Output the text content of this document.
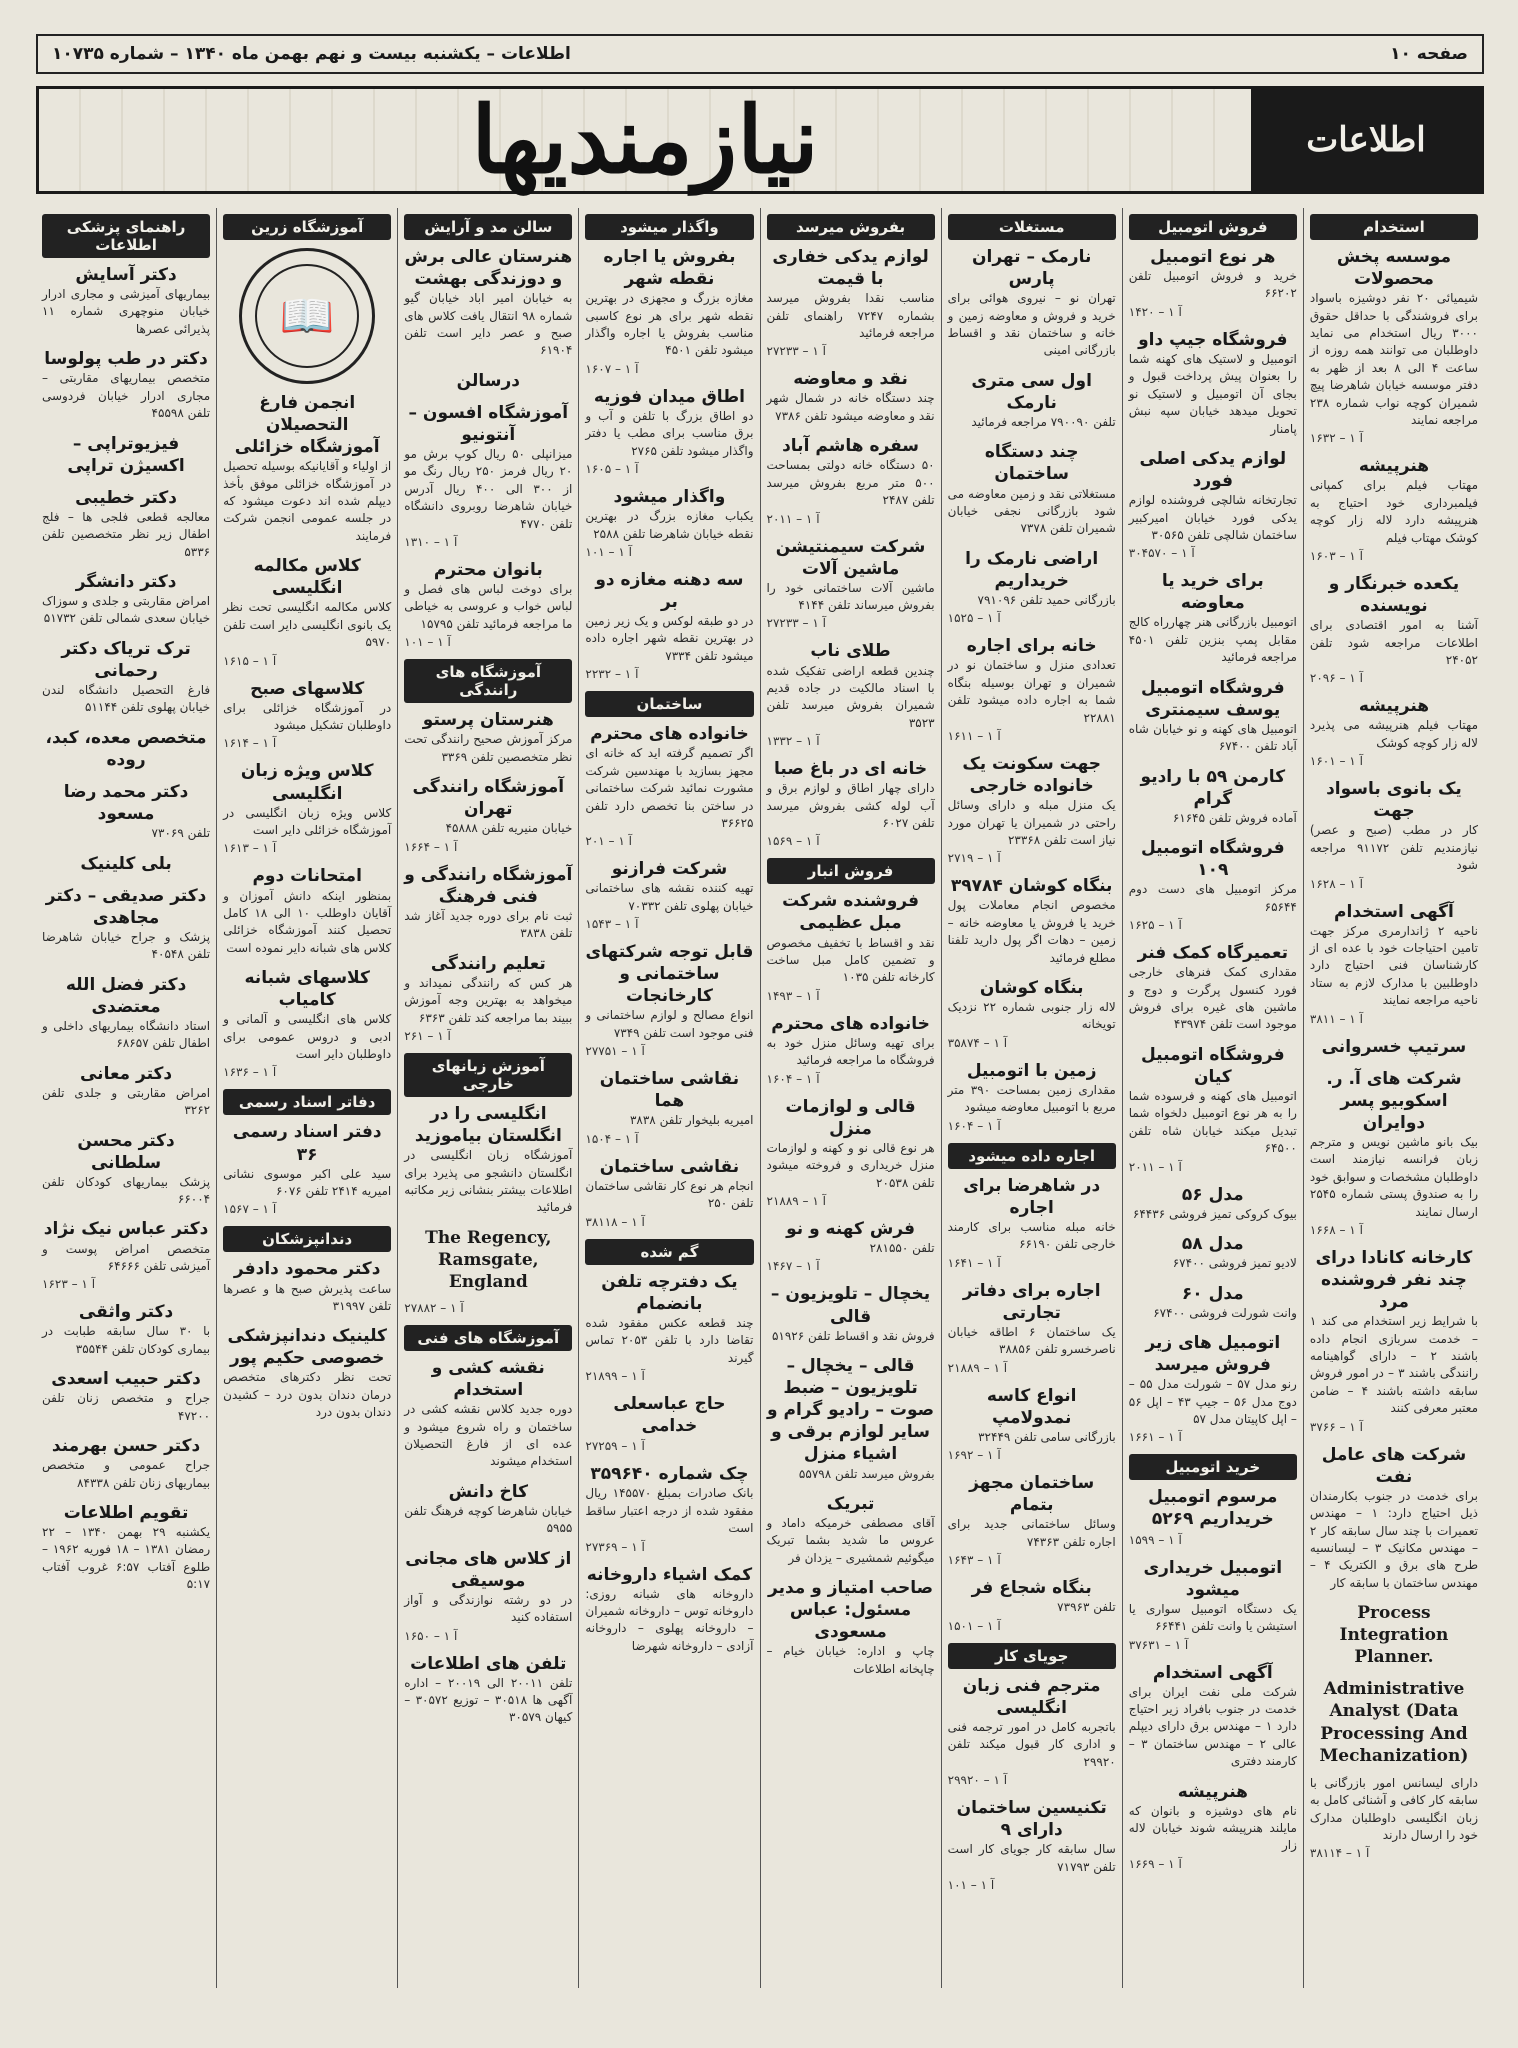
صفحه ۱۰
اطلاعات – یکشنبه بیست و نهم بهمن ماه ۱۳۴۰ – شماره ۱۰۷۳۵
اطلاعات
نیازمندیها
استخدام
موسسه پخش محصولات
شیمیائی ۲۰ نفر دوشیزه باسواد برای فروشندگی با حداقل حقوق ۳۰۰۰ ریال استخدام می نماید داوطلبان می توانند همه روزه از ساعت ۴ الی ۸ بعد از ظهر به دفتر موسسه خیابان شاهرضا پیچ شمیران کوچه نواب شماره ۲۳۸ مراجعه نمایند
۱۶۳۲ – آ ۱
هنرپیشه
مهتاب فیلم برای کمپانی فیلمبرداری خود احتیاج به هنرپیشه دارد لاله زار کوچه کوشک مهتاب فیلم
۱۶۰۳ – آ ۱
یکعده خبرنگار و نویسنده
آشنا به امور اقتصادی برای اطلاعات مراجعه شود تلفن ۲۴۰۵۲
۲۰۹۶ – آ ۱
هنرپیشه
مهتاب فیلم هنرپیشه می پذیرد لاله زار کوچه کوشک
۱۶۰۱ – آ ۱
یک بانوی باسواد جهت
کار در مطب (صبح و عصر) نیازمندیم تلفن ۹۱۱۷۲ مراجعه شود
۱۶۲۸ – آ ۱
آگهی استخدام
ناحیه ۲ ژاندارمری مرکز جهت تامین احتیاجات خود با عده ای از کارشناسان فنی احتیاج دارد داوطلبین با مدارک لازم به ستاد ناحیه مراجعه نمایند
۳۸۱۱ – آ ۱
سرتیپ خسروانی
شرکت های آ. ر. اسکوبیو پسر دوایران
بیک بانو ماشین نویس و مترجم زبان فرانسه نیازمند است داوطلبان مشخصات و سوابق خود را به صندوق پستی شماره ۲۵۴۵ ارسال نمایند
۱۶۶۸ – آ ۱
کارخانه کانادا درای چند نفر فروشنده مرد
با شرایط زیر استخدام می کند ۱ – خدمت سربازی انجام داده باشند ۲ – دارای گواهینامه رانندگی باشند ۳ – در امور فروش سابقه داشته باشند ۴ – ضامن معتبر معرفی کنند
۳۷۶۶ – آ ۱
شرکت های عامل نفت
برای خدمت در جنوب بکارمندان ذیل احتیاج دارد: ۱ – مهندس تعمیرات با چند سال سابقه کار ۲ – مهندس مکانیک ۳ – لیسانسیه طرح های برق و الکتریک ۴ – مهندس ساختمان با سابقه کار
Process Integration Planner.
Administrative Analyst (Data Processing And Mechanization)
دارای لیسانس امور بازرگانی با سابقه کار کافی و آشنائی کامل به زبان انگلیسی داوطلبان مدارک خود را ارسال دارند
۳۸۱۱۴ – آ ۱
فروش اتومبیل
هر نوع اتومبیل
خرید و فروش اتومبیل تلفن ۶۶۲۰۲
۱۴۲۰ – آ ۱
فروشگاه جیپ داو
اتومبیل و لاستیک های کهنه شما را بعنوان پیش پرداخت قبول و بجای آن اتومبیل و لاستیک نو تحویل میدهد خیابان سپه نبش پامنار
لوازم یدکی اصلی فورد
تجارتخانه شالچی فروشنده لوازم یدکی فورد خیابان امیرکبیر ساختمان شالچی تلفن ۳۰۵۶۵
۳۰۴۵۷۰ – آ ۱
برای خرید یا معاوضه
اتومبیل بازرگانی هنر چهارراه کالج مقابل پمپ بنزین تلفن ۴۵۰۱ مراجعه فرمائید
فروشگاه اتومبیل یوسف سیمنتری
اتومبیل های کهنه و نو خیابان شاه آباد تلفن ۶۷۴۰۰
کارمن ۵۹ با رادیو گرام
آماده فروش تلفن ۶۱۶۴۵
فروشگاه اتومبیل ۱۰۹
مرکز اتومبیل های دست دوم ۶۵۶۴۴
۱۶۲۵ – آ ۱
تعمیرگاه کمک فنر
مقداری کمک فنرهای خارجی فورد کنسول پرگرت و دوج و ماشین های غیره برای فروش موجود است تلفن ۴۳۹۷۴
فروشگاه اتومبیل کیان
اتومبیل های کهنه و فرسوده شما را به هر نوع اتومبیل دلخواه شما تبدیل میکند خیابان شاه تلفن ۶۴۵۰۰
۲۰۱۱ – آ ۱
مدل ۵۶
بیوک کروکی تمیز فروشی ۶۴۴۳۶
مدل ۵۸
لادیو تمیز فروشی ۶۷۴۰۰
مدل ۶۰
وانت شورلت فروشی ۶۷۴۰۰
اتومبیل های زیر فروش میرسد
رنو مدل ۵۷ – شورلت مدل ۵۵ – دوج مدل ۵۶ – جیپ ۴۳ – اپل ۵۶ – اپل کاپیتان مدل ۵۷
۱۶۶۱ – آ ۱
خرید اتومبیل
مرسوم اتومبیل خریداریم ۵۲۶۹
۱۵۹۹ – آ ۱
اتومبیل خریداری میشود
یک دستگاه اتومبیل سواری یا استیشن یا وانت تلفن ۶۶۴۴۱
۳۷۶۳۱ – آ ۱
آگهی استخدام
شرکت ملی نفت ایران برای خدمت در جنوب بافراد زیر احتیاج دارد ۱ – مهندس برق دارای دیپلم عالی ۲ – مهندس ساختمان ۳ – کارمند دفتری
هنرپیشه
نام های دوشیزه و بانوان که مایلند هنرپیشه شوند خیابان لاله زار
۱۶۶۹ – آ ۱
مستغلات
نارمک – تهران پارس
تهران نو – نیروی هوائی برای خرید و فروش و معاوضه زمین و خانه و ساختمان نقد و اقساط بازرگانی امینی
اول سی متری نارمک
تلفن ۷۹۰۰۹۰ مراجعه فرمائید
چند دستگاه ساختمان
مستغلاتی نقد و زمین معاوضه می شود بازرگانی نجفی خیابان شمیران تلفن ۷۳۷۸
اراضی نارمک را خریداریم
بازرگانی حمید تلفن ۷۹۱۰۹۶
۱۵۲۵ – آ ۱
خانه برای اجاره
تعدادی منزل و ساختمان نو در شمیران و تهران بوسیله بنگاه شما به اجاره داده میشود تلفن ۲۲۸۸۱
۱۶۱۱ – آ ۱
جهت سکونت یک خانواده خارجی
یک منزل مبله و دارای وسائل راحتی در شمیران یا تهران مورد نیاز است تلفن ۲۳۳۶۸
۲۷۱۹ – آ ۱
بنگاه کوشان ۳۹۷۸۴
مخصوص انجام معاملات پول خرید یا فروش یا معاوضه خانه – زمین – دهات اگر پول دارید تلفنا مطلع فرمائید
بنگاه کوشان
لاله زار جنوبی شماره ۲۲ نزدیک تویخانه
۳۵۸۷۴ – آ ۱
زمین با اتومبیل
مقداری زمین بمساحت ۳۹۰ متر مربع با اتومبیل معاوضه میشود
۱۶۰۴ – آ ۱
اجاره داده میشود
در شاهرضا برای اجاره
خانه مبله مناسب برای کارمند خارجی تلفن ۶۶۱۹۰
۱۶۴۱ – آ ۱
اجاره برای دفاتر تجارتی
یک ساختمان ۶ اطاقه خیابان ناصرخسرو تلفن ۳۸۸۵۶
۲۱۸۸۹ – آ ۱
انواع کاسه نمدولامپ
بازرگانی سامی تلفن ۳۲۴۴۹
۱۶۹۲ – آ ۱
ساختمان مجهز بتمام
وسائل ساختمانی جدید برای اجاره تلفن ۷۴۳۶۳
۱۶۴۳ – آ ۱
بنگاه شجاع فر
تلفن ۷۳۹۶۳
۱۵۰۱ – آ ۱
جویای کار
مترجم فنی زبان انگلیسی
باتجربه کامل در امور ترجمه فنی و اداری کار قبول میکند تلفن ۲۹۹۲۰
۲۹۹۲۰ – آ ۱
تکنیسین ساختمان دارای ۹
سال سابقه کار جویای کار است تلفن ۷۱۷۹۳
۱۰۱ – آ ۱
بفروش میرسد
لوازم یدکی خفاری با قیمت
مناسب نقدا بفروش میرسد بشماره ۷۲۴۷ راهنمای تلفن مراجعه فرمائید
۲۷۲۳۳ – آ ۱
نقد و معاوضه
چند دستگاه خانه در شمال شهر نقد و معاوضه میشود تلفن ۷۳۸۶
سفره هاشم آباد
۵۰ دستگاه خانه دولتی بمساحت ۵۰۰ متر مربع بفروش میرسد تلفن ۲۴۸۷
۲۰۱۱ – آ ۱
شرکت سیمنتیشن ماشین آلات
ماشین آلات ساختمانی خود را بفروش میرساند تلفن ۴۱۴۴
۲۷۲۳۳ – آ ۱
طلای ناب
چندین قطعه اراضی تفکیک شده با اسناد مالکیت در جاده قدیم شمیران بفروش میرسد تلفن ۳۵۲۳
۱۳۳۲ – آ ۱
خانه ای در باغ صبا
دارای چهار اطاق و لوازم برق و آب لوله کشی بفروش میرسد تلفن ۶۰۲۷
۱۵۶۹ – آ ۱
فروش انبار
فروشنده شرکت مبل عظیمی
نقد و اقساط با تخفیف مخصوص و تضمین کامل مبل ساخت کارخانه تلفن ۱۰۳۵
۱۴۹۳ – آ ۱
خانواده های محترم
برای تهیه وسائل منزل خود به فروشگاه ما مراجعه فرمائید
۱۶۰۴ – آ ۱
قالی و لوازمات منزل
هر نوع قالی نو و کهنه و لوازمات منزل خریداری و فروخته میشود تلفن ۲۰۵۳۸
۲۱۸۸۹ – آ ۱
فرش کهنه و نو
تلفن ۲۸۱۵۵۰
۱۴۶۷ – آ ۱
یخچال – تلویزیون – قالی
فروش نقد و اقساط تلفن ۵۱۹۲۶
قالی – یخچال – تلویزیون – ضبط صوت – رادیو گرام و سایر لوازم برقی و اشیاء منزل
بفروش میرسد تلفن ۵۵۷۹۸
تبریک
آقای مصطفی خرمیکه داماد و عروس ما شدید بشما تبریک میگوئیم شمشیری – یزدان فر
صاحب امتیاز و مدیر مسئول: عباس مسعودی
چاپ و اداره: خیابان خیام – چاپخانه اطلاعات
واگذار میشود
بفروش یا اجاره نقطه شهر
مغازه بزرگ و مجهزی در بهترین نقطه شهر برای هر نوع کاسبی مناسب بفروش یا اجاره واگذار میشود تلفن ۴۵۰۱
۱۶۰۷ – آ ۱
اطاق میدان فوزیه
دو اطاق بزرگ با تلفن و آب و برق مناسب برای مطب یا دفتر واگذار میشود تلفن ۲۷۶۵
۱۶۰۵ – آ ۱
واگذار میشود
یکباب مغازه بزرگ در بهترین نقطه خیابان شاهرضا تلفن ۲۵۸۸
۱۰۱ – آ ۱
سه دهنه مغازه دو بر
در دو طبقه لوکس و یک زیر زمین در بهترین نقطه شهر اجاره داده میشود تلفن ۷۳۳۴
۲۲۳۲ – آ ۱
ساختمان
خانواده های محترم
اگر تصمیم گرفته اید که خانه ای مجهز بسازید با مهندسین شرکت مشورت نمائید شرکت ساختمانی در ساختن بنا تخصص دارد تلفن ۳۶۶۲۵
۲۰۱ – آ ۱
شرکت فرازنو
تهیه کننده نقشه های ساختمانی خیابان پهلوی تلفن ۷۰۳۳۲
۱۵۴۳ – آ ۱
قابل توجه شرکتهای ساختمانی و کارخانجات
انواع مصالح و لوازم ساختمانی و فنی موجود است تلفن ۷۳۴۹
۲۷۷۵۱ – آ ۱
نقاشی ساختمان هما
امیریه بلیخوار تلفن ۳۸۳۸
۱۵۰۴ – آ ۱
نقاشی ساختمان
انجام هر نوع کار نقاشی ساختمان تلفن ۲۵۰
۳۸۱۱۸ – آ ۱
گم شده
یک دفترچه تلفن بانضمام
چند قطعه عکس مفقود شده تقاضا دارد با تلفن ۲۰۵۳ تماس گیرند
۲۱۸۹۹ – آ ۱
حاج عباسعلی خدامی
۲۷۲۵۹ – آ ۱
چک شماره ۳۵۹۶۴۰
بانک صادرات بمبلغ ۱۴۵۵۷۰ ریال مفقود شده از درجه اعتبار ساقط است
۲۷۳۶۹ – آ ۱
کمک اشیاء داروخانه
داروخانه های شبانه روزی: داروخانه توس – داروخانه شمیران – داروخانه پهلوی – داروخانه آزادی – داروخانه شهرضا
سالن مد و آرایش
هنرستان عالی برش و دوزندگی بهشت
به خیابان امیر اباد خیابان گیو شماره ۹۸ انتقال یافت کلاس های صبح و عصر دایر است تلفن ۶۱۹۰۴
درسالن
آموزشگاه افسون – آنتونیو
میزانپلی ۵۰ ریال کوپ برش مو ۲۰ ریال فرمز ۲۵۰ ریال رنگ مو از ۳۰۰ الی ۴۰۰ ریال آدرس خیابان شاهرضا روبروی دانشگاه تلفن ۴۷۷۰
۱۳۱۰ – آ ۱
بانوان محترم
برای دوخت لباس های فصل و لباس خواب و عروسی به خیاطی ما مراجعه فرمائید تلفن ۱۵۷۹۵
۱۰۱ – آ ۱
آموزشگاه های رانندگی
هنرستان پرستو
مرکز آموزش صحیح رانندگی تحت نظر متخصصین تلفن ۳۳۶۹
آموزشگاه رانندگی تهران
خیابان منیریه تلفن ۴۵۸۸۸
۱۶۶۴ – آ ۱
آموزشگاه رانندگی و فنی فرهنگ
ثبت نام برای دوره جدید آغاز شد تلفن ۳۸۳۸
تعلیم رانندگی
هر کس که رانندگی نمیداند و میخواهد به بهترین وجه آموزش ببیند بما مراجعه کند تلفن ۶۳۶۳
۲۶۱ – آ ۱
آموزش زبانهای خارجی
انگلیسی را در انگلستان بیاموزید
آموزشگاه زبان انگلیسی در انگلستان دانشجو می پذیرد برای اطلاعات بیشتر بنشانی زیر مکاتبه فرمائید
The Regency, Ramsgate, England
۲۷۸۸۲ – آ ۱
آموزشگاه های فنی
نقشه کشی و استخدام
دوره جدید کلاس نقشه کشی در ساختمان و راه شروع میشود و عده ای از فارغ التحصیلان استخدام میشوند
کاخ دانش
خیابان شاهرضا کوچه فرهنگ تلفن ۵۹۵۵
از کلاس های مجانی موسیقی
در دو رشته نوازندگی و آواز استفاده کنید
۱۶۵۰ – آ ۱
تلفن های اطلاعات
تلفن ۲۰۰۱۱ الی ۲۰۰۱۹ – اداره آگهی ها ۳۰۵۱۸ – توزیع ۳۰۵۷۲ – کیهان ۳۰۵۷۹
آموزشگاه زرین
📖
انجمن فارغ التحصیلان آموزشگاه خزائلی
از اولیاء و آقایانیکه بوسیله تحصیل در آموزشگاه خزائلی موفق بأخذ دیپلم شده اند دعوت میشود که در جلسه عمومی انجمن شرکت فرمایند
کلاس مکالمه انگلیسی
کلاس مکالمه انگلیسی تحت نظر یک بانوی انگلیسی دایر است تلفن ۵۹۷۰
۱۶۱۵ – آ ۱
کلاسهای صبح
در آموزشگاه خزائلی برای داوطلبان تشکیل میشود
۱۶۱۴ – آ ۱
کلاس ویژه زبان انگلیسی
کلاس ویژه زبان انگلیسی در آموزشگاه خزائلی دایر است
۱۶۱۳ – آ ۱
امتحانات دوم
بمنظور اینکه دانش آموزان و آقایان داوطلب ۱۰ الی ۱۸ کامل تحصیل کنند آموزشگاه خزائلی کلاس های شبانه دایر نموده است
کلاسهای شبانه کامیاب
کلاس های انگلیسی و آلمانی و ادبی و دروس عمومی برای داوطلبان دایر است
۱۶۳۶ – آ ۱
دفاتر اسناد رسمی
دفتر اسناد رسمی ۳۶
سید علی اکبر موسوی نشانی امیریه ۲۴۱۴ تلفن ۶۰۷۶
۱۵۶۷ – آ ۱
دندانپزشکان
دکتر محمود دادفر
ساعت پذیرش صبح ها و عصرها تلفن ۳۱۹۹۷
کلینیک دندانپزشکی خصوصی حکیم پور
تحت نظر دکترهای متخصص درمان دندان بدون درد – کشیدن دندان بدون درد
راهنمای پزشکی اطلاعات
دکتر آسایش
بیماریهای آمیزشی و مجاری ادرار خیابان منوچهری شماره ۱۱ پذیرائی عصرها
دکتر در طب پولوسا
متخصص بیماریهای مقاربتی – مجاری ادرار خیابان فردوسی تلفن ۴۵۵۹۸
فیزیوتراپی – اکسیژن تراپی
دکتر خطیبی
معالجه قطعی فلجی ها – فلج اطفال زیر نظر متخصصین تلفن ۵۳۳۶
دکتر دانشگر
امراض مقاربتی و جلدی و سوزاک خیابان سعدی شمالی تلفن ۵۱۷۳۲
ترک تریاک دکتر رحمانی
فارغ التحصیل دانشگاه لندن خیابان پهلوی تلفن ۵۱۱۴۴
متخصص معده، کبد، روده
دکتر محمد رضا مسعود
تلفن ۷۳۰۶۹
بلی کلینیک
دکتر صدیقی – دکتر مجاهدی
پزشک و جراح خیابان شاهرضا تلفن ۴۰۵۴۸
دکتر فضل الله معتضدی
استاد دانشگاه بیماریهای داخلی و اطفال تلفن ۶۸۶۵۷
دکتر معانی
امراض مقاربتی و جلدی تلفن ۳۲۶۲
دکتر محسن سلطانی
پزشک بیماریهای کودکان تلفن ۶۶۰۰۴
دکتر عباس نیک نژاد
متخصص امراض پوست و آمیزشی تلفن ۶۴۶۶۶
۱۶۲۳ – آ ۱
دکتر واثقی
با ۳۰ سال سابقه طبابت در بیماری کودکان تلفن ۳۵۵۴۴
دکتر حبیب اسعدی
جراح و متخصص زنان تلفن ۴۷۲۰۰
دکتر حسن بهرمند
جراح عمومی و متخصص بیماریهای زنان تلفن ۸۴۳۳۸
تقویم اطلاعات
یکشنبه ۲۹ بهمن ۱۳۴۰ – ۲۲ رمضان ۱۳۸۱ – ۱۸ فوریه ۱۹۶۲ – طلوع آفتاب ۶:۵۷ غروب آفتاب ۵:۱۷
